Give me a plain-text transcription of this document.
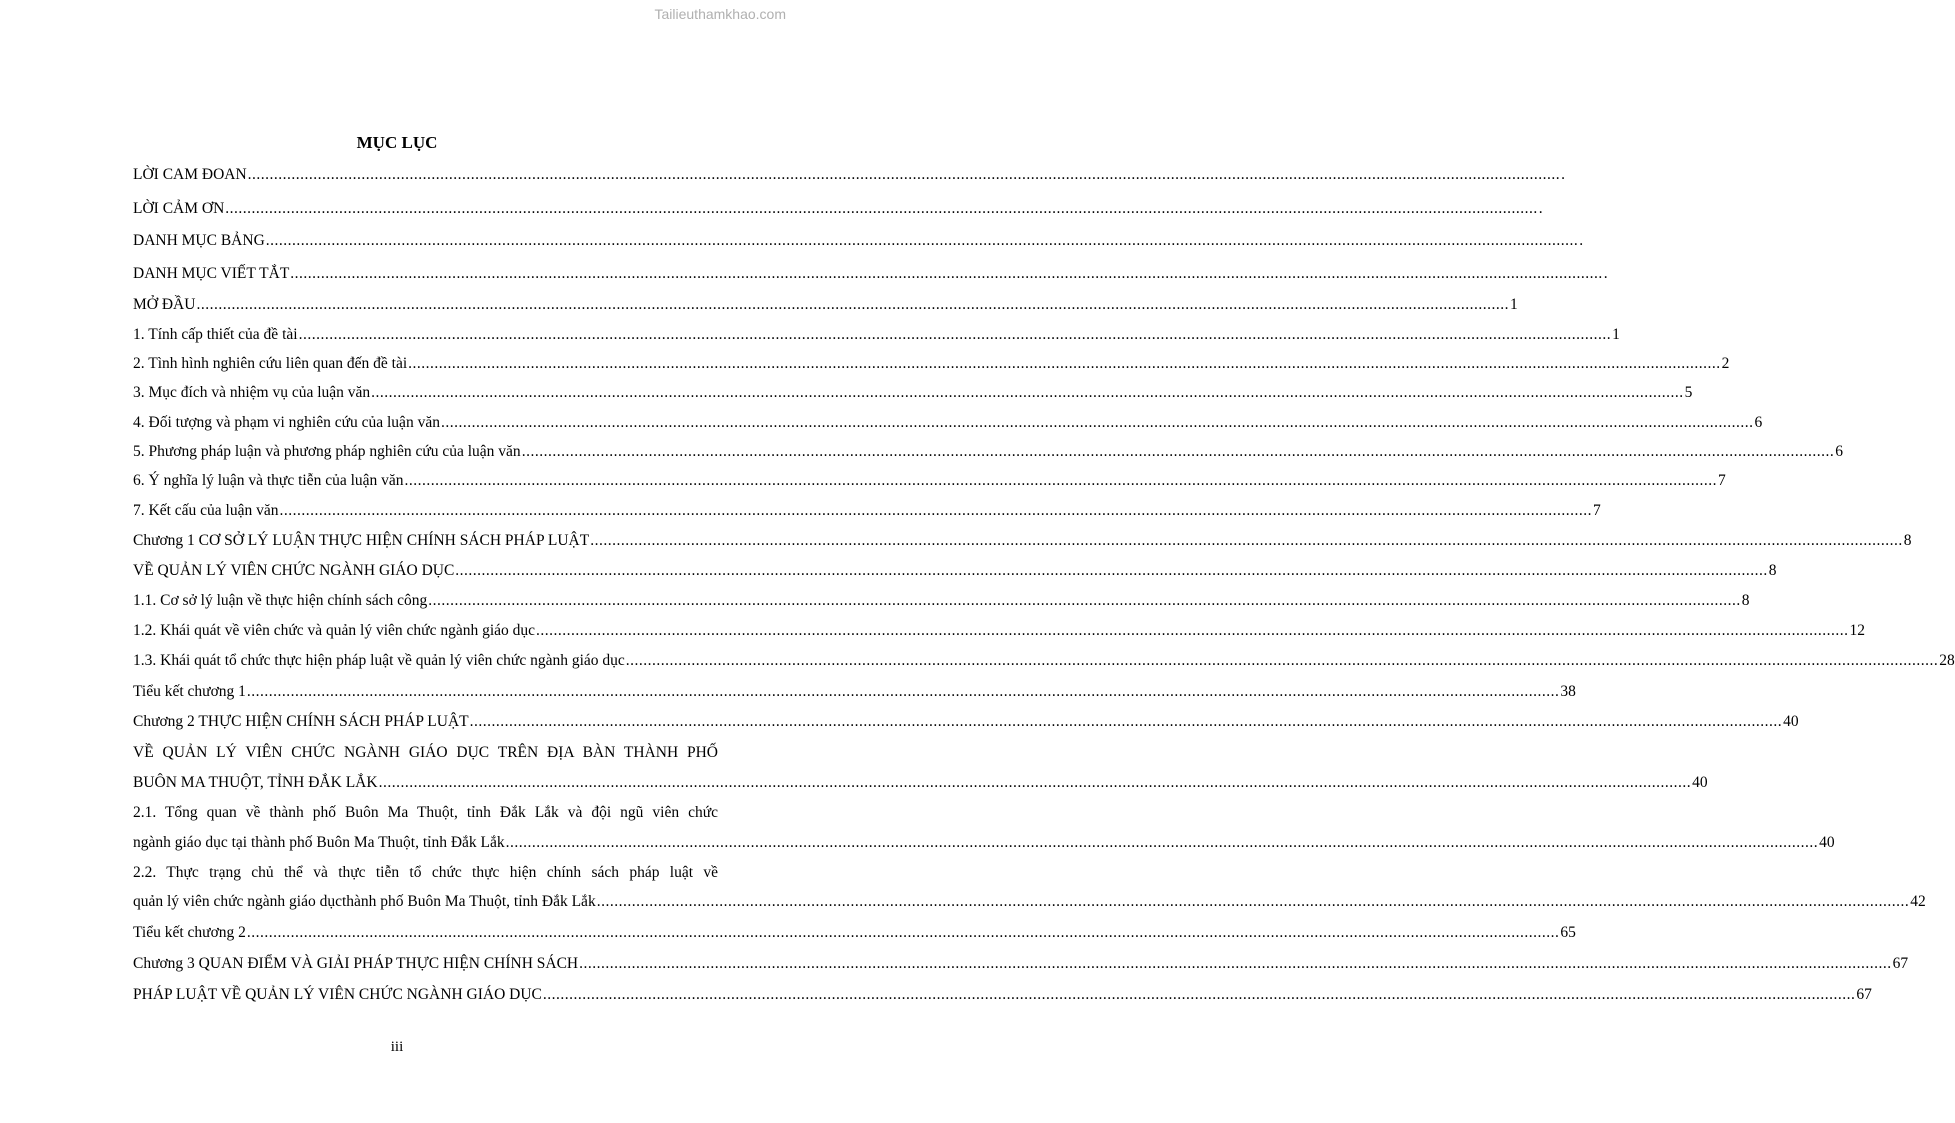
Tailieuthamkhao.com
MỤC LỤC
LỜI CAM ĐOAN ............................................................................................................................................................................................................................................................................................................ .
LỜI CẢM ƠN ............................................................................................................................................................................................................................................................................................................ .
DANH MỤC BẢNG ............................................................................................................................................................................................................................................................................................................ .
DANH MỤC VIẾT TẮT ............................................................................................................................................................................................................................................................................................................ .
MỞ ĐẦU ............................................................................................................................................................................................................................................................................................................ 1
1. Tính cấp thiết của đề tài ............................................................................................................................................................................................................................................................................................................ 1
2. Tình hình nghiên cứu liên quan đến đề tài ............................................................................................................................................................................................................................................................................................................ 2
3. Mục đích và nhiệm vụ của luận văn ............................................................................................................................................................................................................................................................................................................ 5
4. Đối tượng và phạm vi nghiên cứu của luận văn ............................................................................................................................................................................................................................................................................................................ 6
5. Phương pháp luận và phương pháp nghiên cứu của luận văn ............................................................................................................................................................................................................................................................................................................ 6
6. Ý nghĩa lý luận và thực tiễn của luận văn ............................................................................................................................................................................................................................................................................................................ 7
7. Kết cấu của luận văn ............................................................................................................................................................................................................................................................................................................ 7
Chương 1 CƠ SỞ LÝ LUẬN THỰC HIỆN CHÍNH SÁCH PHÁP LUẬT ............................................................................................................................................................................................................................................................................................................ 8
VỀ QUẢN LÝ VIÊN CHỨC NGÀNH GIÁO DỤC ............................................................................................................................................................................................................................................................................................................ 8
1.1. Cơ sở lý luận về thực hiện chính sách công ............................................................................................................................................................................................................................................................................................................ 8
1.2. Khái quát về viên chức và quản lý viên chức ngành giáo dục ............................................................................................................................................................................................................................................................................................................ 12
1.3. Khái quát tổ chức thực hiện pháp luật về quản lý viên chức ngành giáo dục ............................................................................................................................................................................................................................................................................................................ 28
Tiểu kết chương 1 ............................................................................................................................................................................................................................................................................................................ 38
Chương 2 THỰC HIỆN CHÍNH SÁCH PHÁP LUẬT ............................................................................................................................................................................................................................................................................................................ 40
VỀ QUẢN LÝ VIÊN CHỨC NGÀNH GIÁO DỤC TRÊN ĐỊA BÀN THÀNH PHỐ
BUÔN MA THUỘT, TỈNH ĐẮK LẮK ............................................................................................................................................................................................................................................................................................................ 40
2.1. Tổng quan về thành phố Buôn Ma Thuột, tỉnh Đắk Lắk và đội ngũ viên chức
ngành giáo dục tại thành phố Buôn Ma Thuột, tỉnh Đắk Lắk ............................................................................................................................................................................................................................................................................................................ 40
2.2. Thực trạng chủ thể và thực tiễn tổ chức thực hiện chính sách pháp luật về
quản lý viên chức ngành giáo dụcthành phố Buôn Ma Thuột, tỉnh Đắk Lắk ............................................................................................................................................................................................................................................................................................................ 42
Tiểu kết chương 2 ............................................................................................................................................................................................................................................................................................................ 65
Chương 3 QUAN ĐIỂM VÀ GIẢI PHÁP THỰC HIỆN CHÍNH SÁCH ............................................................................................................................................................................................................................................................................................................ 67
PHÁP LUẬT VỀ QUẢN LÝ VIÊN CHỨC NGÀNH GIÁO DỤC ............................................................................................................................................................................................................................................................................................................ 67
iii
